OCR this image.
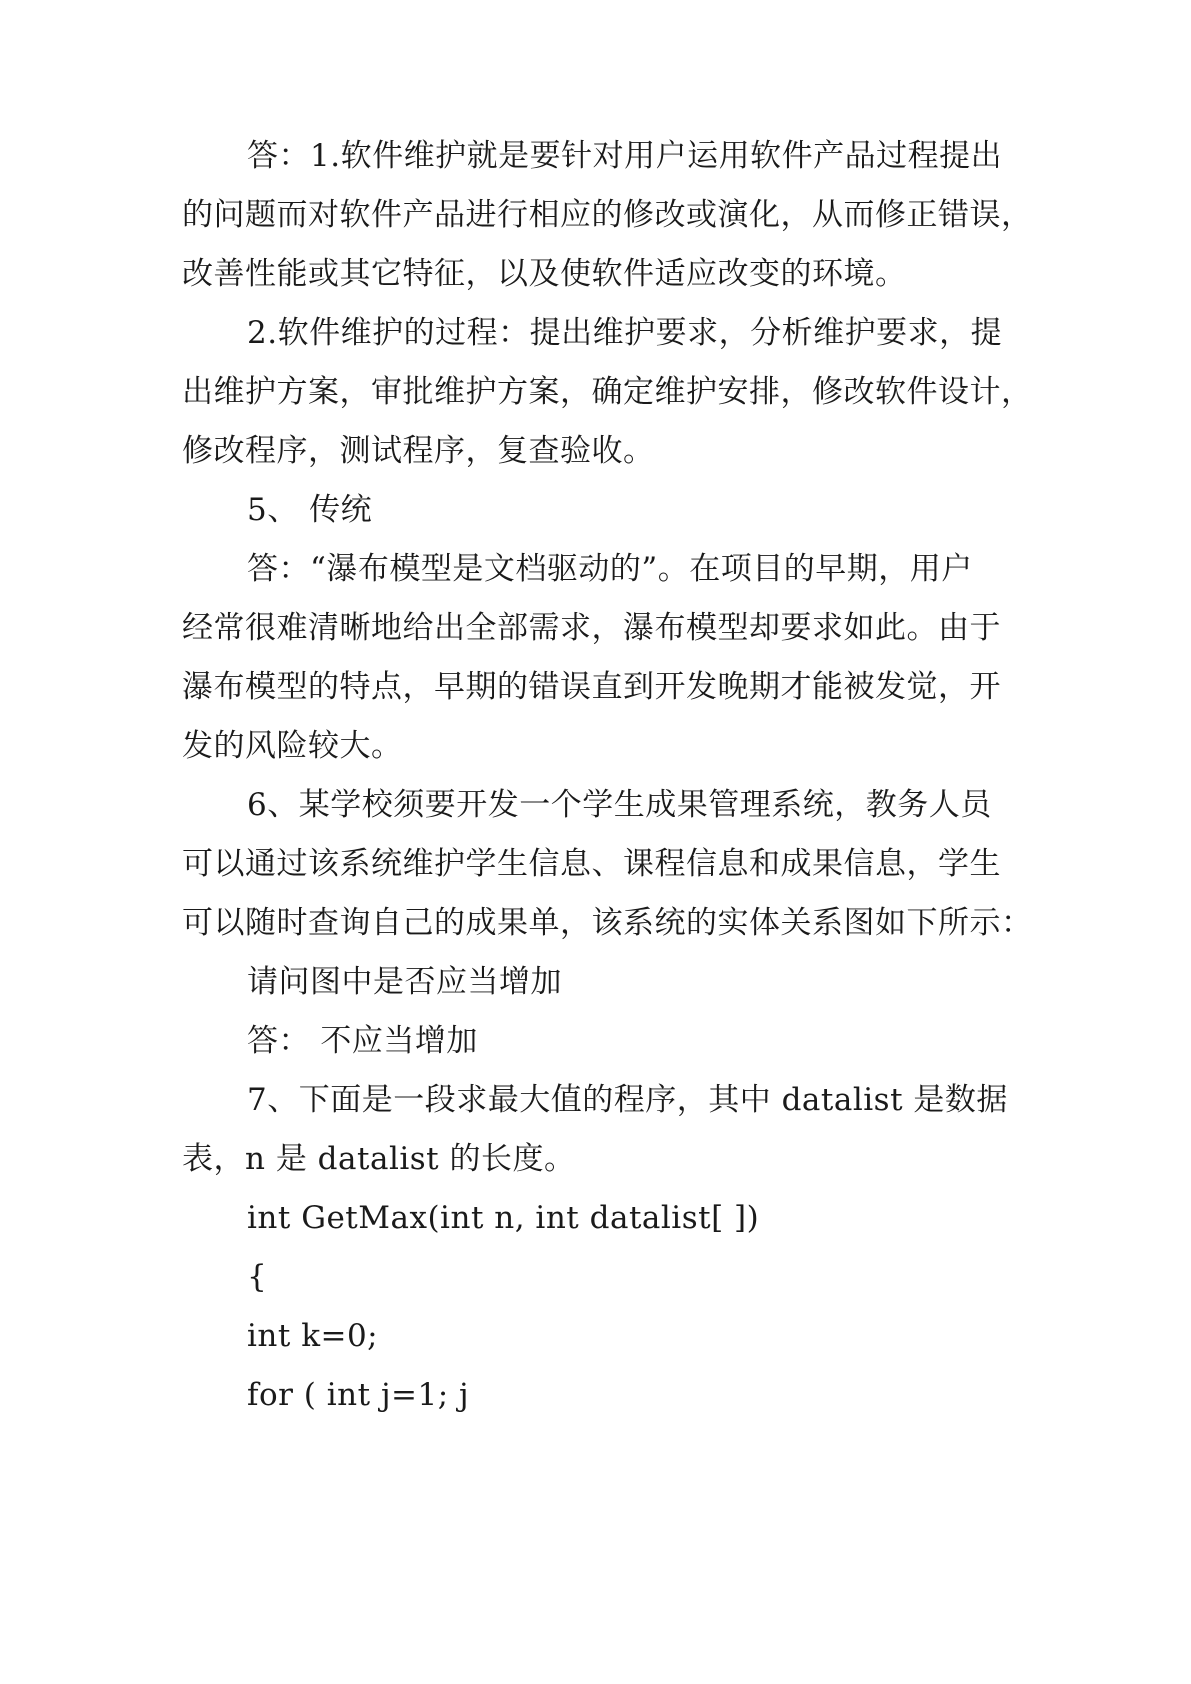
答：1.软件维护就是要针对用户运用软件产品过程提出
的问题而对软件产品进行相应的修改或演化，从而修正错误，
改善性能或其它特征，以及使软件适应改变的环境。
2.软件维护的过程：提出维护要求，分析维护要求，提
出维护方案，审批维护方案，确定维护安排，修改软件设计，
修改程序，测试程序，复查验收。
5、 传统
答：“瀑布模型是文档驱动的”。在项目的早期，用户
经常很难清晰地给出全部需求，瀑布模型却要求如此。由于
瀑布模型的特点，早期的错误直到开发晚期才能被发觉，开
发的风险较大。
6、某学校须要开发一个学生成果管理系统，教务人员
可以通过该系统维护学生信息、课程信息和成果信息，学生
可以随时查询自己的成果单，该系统的实体关系图如下所示：
请问图中是否应当增加
答： 不应当增加
7、下面是一段求最大值的程序，其中 datalist 是数据
表，n 是 datalist 的长度。
int GetMax(int n, int datalist[ ])
{
int k=0;
for ( int j=1; j
